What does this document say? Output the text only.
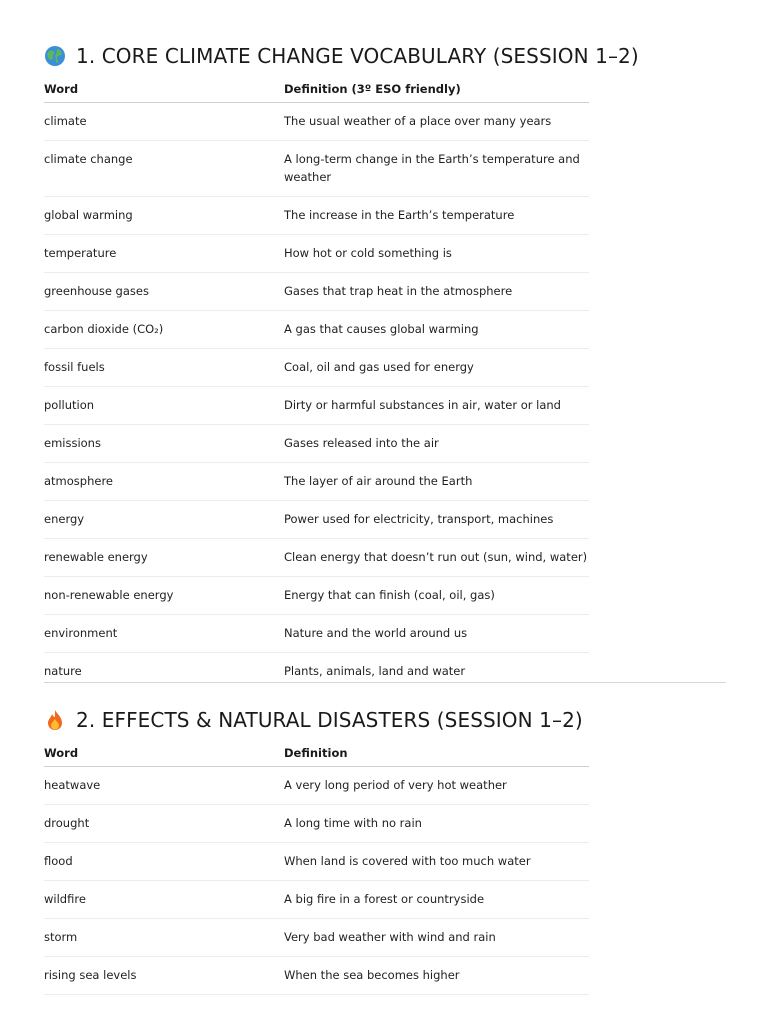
1. CORE CLIMATE CHANGE VOCABULARY (SESSION 1–2)
Word	Definition (3º ESO friendly)
climate	The usual weather of a place over many years
climate change	A long-term change in the Earth’s temperature and weather
global warming	The increase in the Earth’s temperature
temperature	How hot or cold something is
greenhouse gases	Gases that trap heat in the atmosphere
carbon dioxide (CO₂)	A gas that causes global warming
fossil fuels	Coal, oil and gas used for energy
pollution	Dirty or harmful substances in air, water or land
emissions	Gases released into the air
atmosphere	The layer of air around the Earth
energy	Power used for electricity, transport, machines
renewable energy	Clean energy that doesn’t run out (sun, wind, water)
non-renewable energy	Energy that can finish (coal, oil, gas)
environment	Nature and the world around us
nature	Plants, animals, land and water
2. EFFECTS & NATURAL DISASTERS (SESSION 1–2)
Word	Definition
heatwave	A very long period of very hot weather
drought	A long time with no rain
flood	When land is covered with too much water
wildfire	A big fire in a forest or countryside
storm	Very bad weather with wind and rain
rising sea levels	When the sea becomes higher
